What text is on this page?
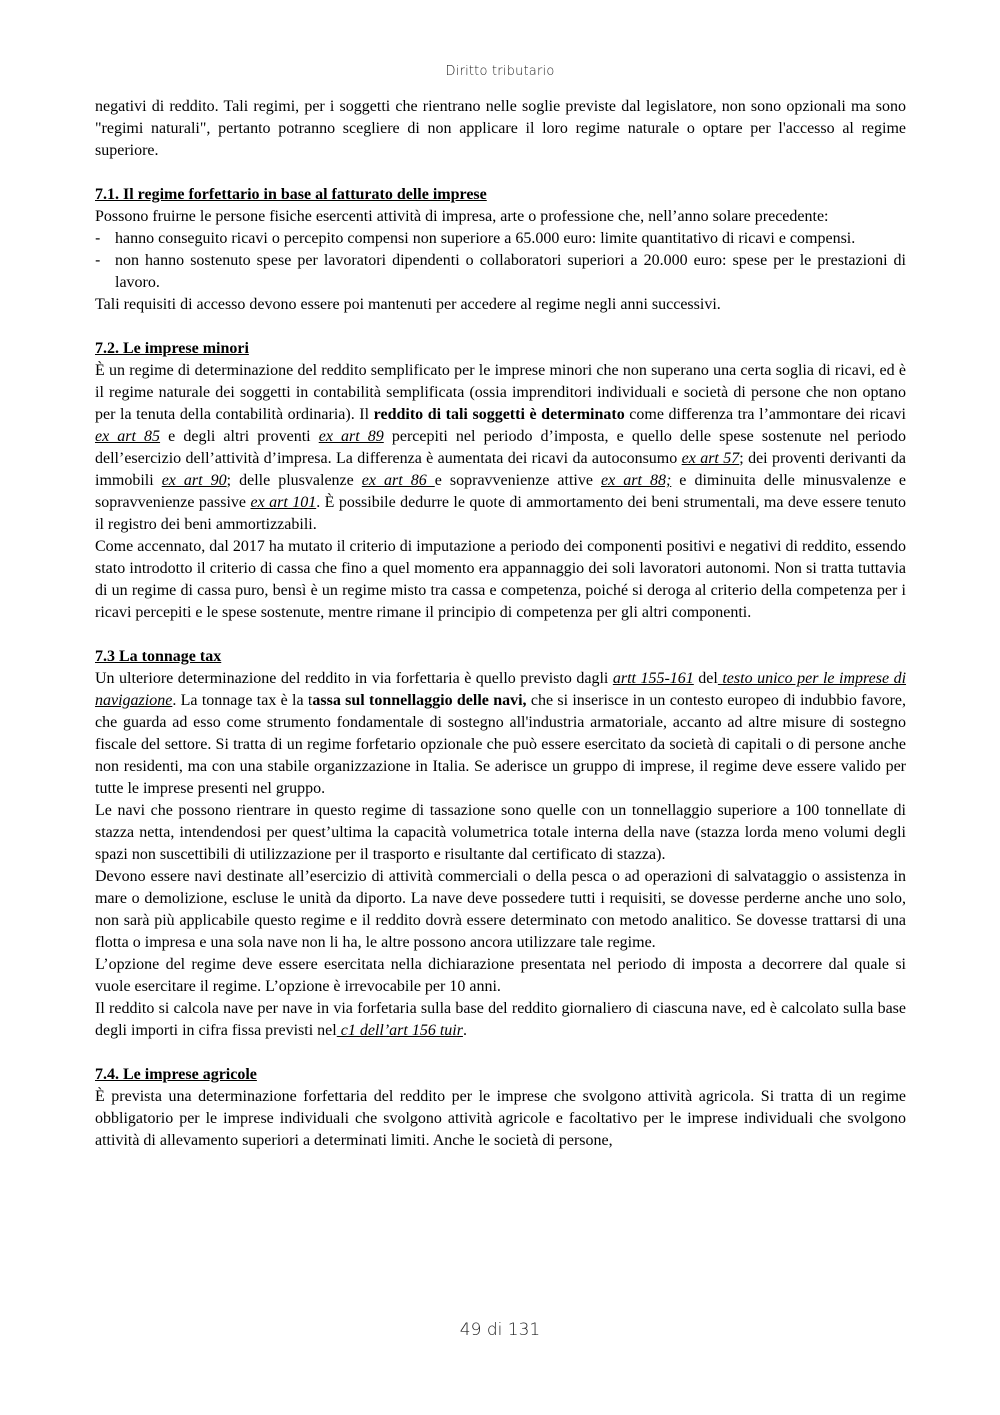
Diritto tributario

negativi di reddito. Tali regimi, per i soggetti che rientrano nelle soglie previste dal legislatore, non sono opzionali ma sono "regimi naturali", pertanto potranno scegliere di non applicare il loro regime naturale o optare per l'accesso al regime superiore.

7.1. Il regime forfettario in base al fatturato delle imprese

Possono fruirne le persone fisiche esercenti attività di impresa, arte o professione che, nell’anno solare precedente:

- hanno conseguito ricavi o percepito compensi non superiore a 65.000 euro: limite quantitativo di ricavi e compensi.
- non hanno sostenuto spese per lavoratori dipendenti o collaboratori superiori a 20.000 euro: spese per le prestazioni di lavoro.

Tali requisiti di accesso devono essere poi mantenuti per accedere al regime negli anni successivi.

7.2. Le imprese minori

È un regime di determinazione del reddito semplificato per le imprese minori che non superano una certa soglia di ricavi, ed è il regime naturale dei soggetti in contabilità semplificata (ossia imprenditori individuali e società di persone che non optano per la tenuta della contabilità ordinaria). Il reddito di tali soggetti è determinato come differenza tra l’ammontare dei ricavi ex art 85 e degli altri proventi ex art 89 percepiti nel periodo d’imposta, e quello delle spese sostenute nel periodo dell’esercizio dell’attività d’impresa. La differenza è aumentata dei ricavi da autoconsumo ex art 57; dei proventi derivanti da immobili ex art 90; delle plusvalenze ex art 86 e sopravvenienze attive ex art 88; e diminuita delle minusvalenze e sopravvenienze passive ex art 101. È possibile dedurre le quote di ammortamento dei beni strumentali, ma deve essere tenuto il registro dei beni ammortizzabili.

Come accennato, dal 2017 ha mutato il criterio di imputazione a periodo dei componenti positivi e negativi di reddito, essendo stato introdotto il criterio di cassa che fino a quel momento era appannaggio dei soli lavoratori autonomi. Non si tratta tuttavia di un regime di cassa puro, bensì è un regime misto tra cassa e competenza, poiché si deroga al criterio della competenza per i ricavi percepiti e le spese sostenute, mentre rimane il principio di competenza per gli altri componenti.

7.3 La tonnage tax

Un ulteriore determinazione del reddito in via forfettaria è quello previsto dagli artt 155-161 del testo unico per le imprese di navigazione. La tonnage tax è la tassa sul tonnellaggio delle navi, che si inserisce in un contesto europeo di indubbio favore, che guarda ad esso come strumento fondamentale di sostegno all'industria armatoriale, accanto ad altre misure di sostegno fiscale del settore. Si tratta di un regime forfetario opzionale che può essere esercitato da società di capitali o di persone anche non residenti, ma con una stabile organizzazione in Italia. Se aderisce un gruppo di imprese, il regime deve essere valido per tutte le imprese presenti nel gruppo.

Le navi che possono rientrare in questo regime di tassazione sono quelle con un tonnellaggio superiore a 100 tonnellate di stazza netta, intendendosi per quest’ultima la capacità volumetrica totale interna della nave (stazza lorda meno volumi degli spazi non suscettibili di utilizzazione per il trasporto e risultante dal certificato di stazza).

Devono essere navi destinate all’esercizio di attività commerciali o della pesca o ad operazioni di salvataggio o assistenza in mare o demolizione, escluse le unità da diporto. La nave deve possedere tutti i requisiti, se dovesse perderne anche uno solo, non sarà più applicabile questo regime e il reddito dovrà essere determinato con metodo analitico. Se dovesse trattarsi di una flotta o impresa e una sola nave non li ha, le altre possono ancora utilizzare tale regime.

L’opzione del regime deve essere esercitata nella dichiarazione presentata nel periodo di imposta a decorrere dal quale si vuole esercitare il regime. L’opzione è irrevocabile per 10 anni.

Il reddito si calcola nave per nave in via forfetaria sulla base del reddito giornaliero di ciascuna nave, ed è calcolato sulla base degli importi in cifra fissa previsti nel c1 dell’art 156 tuir.

7.4. Le imprese agricole

È prevista una determinazione forfettaria del reddito per le imprese che svolgono attività agricola. Si tratta di un regime obbligatorio per le imprese individuali che svolgono attività agricole e facoltativo per le imprese individuali che svolgono attività di allevamento superiori a determinati limiti. Anche le società di persone,

49 di 131
